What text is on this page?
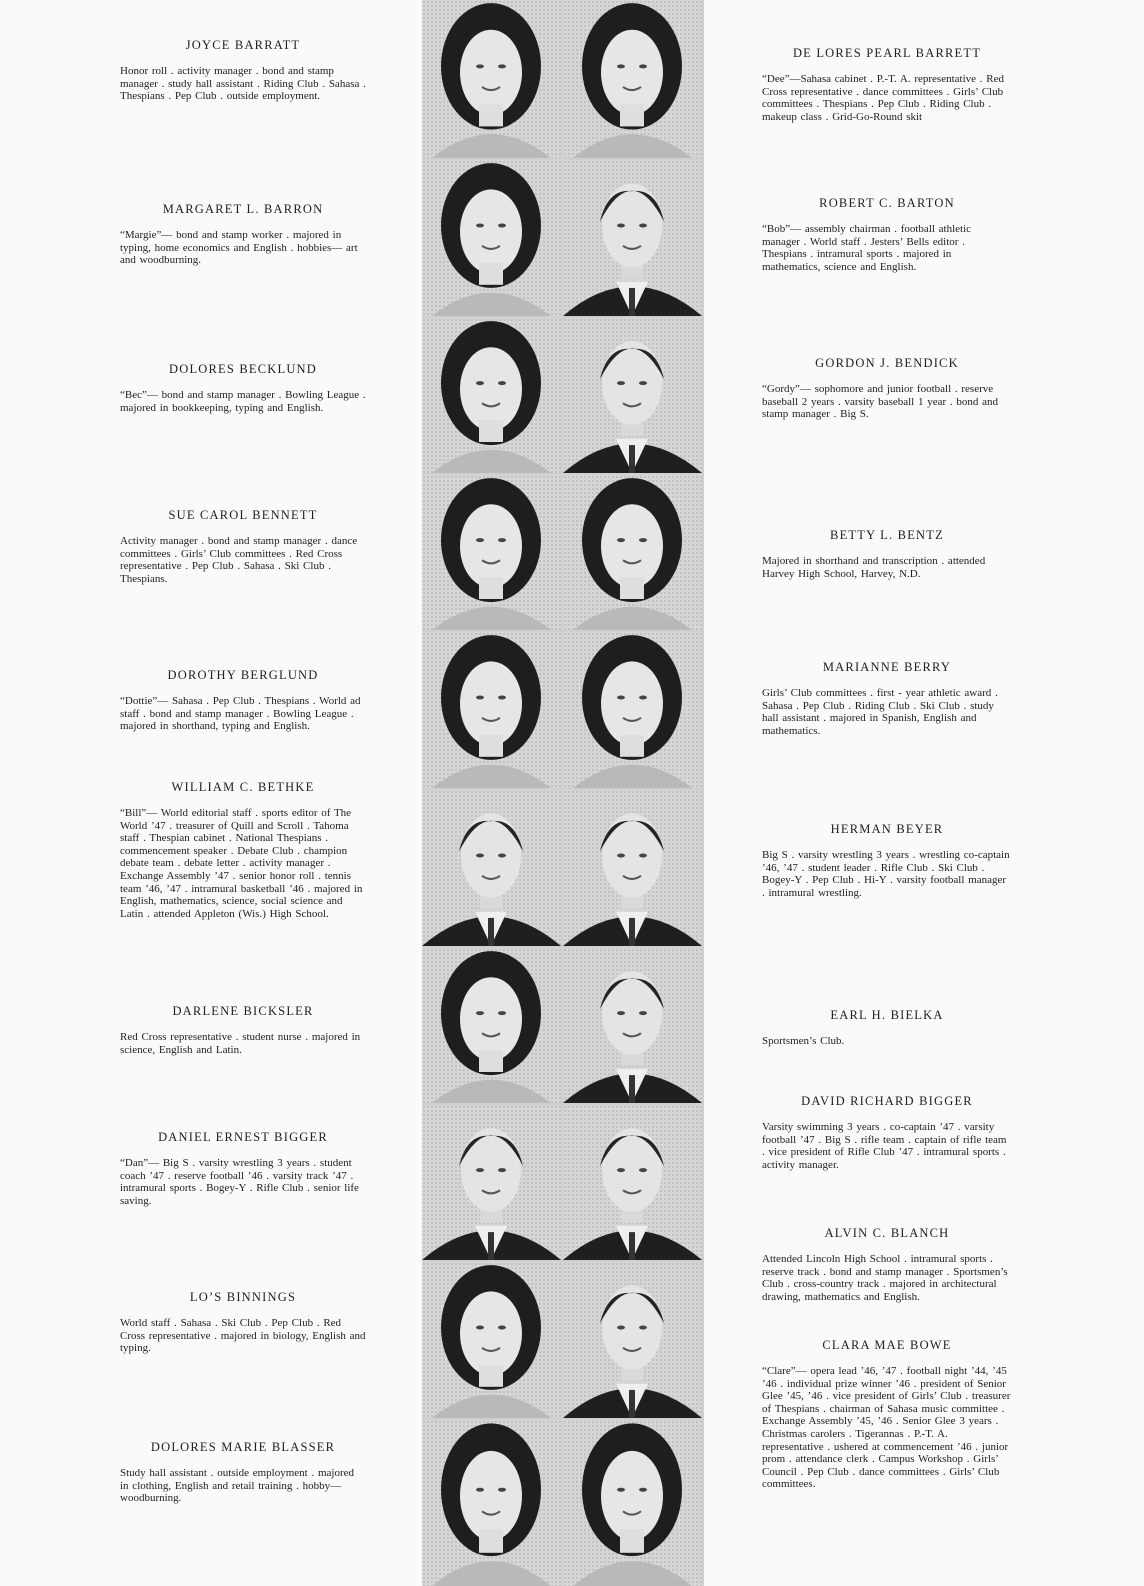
JOYCE BARRATT

Honor roll . activity manager . bond and stamp manager . study hall assistant . Riding Club . Sahasa . Thespians . Pep Club . outside employment.

MARGARET L. BARRON

“Margie”— bond and stamp worker . majored in typing, home economics and English . hobbies— art and woodburning.

DOLORES BECKLUND

“Bec”— bond and stamp manager . Bowling League . majored in bookkeeping, typing and English.

SUE CAROL BENNETT

Activity manager . bond and stamp manager . dance committees . Girls’ Club committees . Red Cross representative . Pep Club . Sahasa . Ski Club . Thespians.

DOROTHY BERGLUND

“Dottie”— Sahasa . Pep Club . Thespians . World ad staff . bond and stamp manager . Bowling League . majored in shorthand, typing and English.

WILLIAM C. BETHKE

“Bill”— World editorial staff . sports editor of The World ’47 . treasurer of Quill and Scroll . Tahoma staff . Thespian cabinet . National Thespians . commencement speaker . Debate Club . champion debate team . debate letter . activity manager . Exchange Assembly ’47 . senior honor roll . tennis team ’46, ’47 . intramural basketball ’46 . majored in English, mathematics, science, social science and Latin . attended Appleton (Wis.) High School.

DARLENE BICKSLER

Red Cross representative . student nurse . majored in science, English and Latin.

DANIEL ERNEST BIGGER

“Dan”— Big S . varsity wrestling 3 years . student coach ’47 . reserve football ’46 . varsity track ’47 . intramural sports . Bogey-Y . Rifle Club . senior life saving.

LO’S BINNINGS

World staff . Sahasa . Ski Club . Pep Club . Red Cross representative . majored in biology, English and typing.

DOLORES MARIE BLASSER

Study hall assistant . outside employment . majored in clothing, English and retail training . hobby— woodburning.

DE LORES PEARL BARRETT

“Dee”—Sahasa cabinet . P.-T. A. representative . Red Cross representative . dance committees . Girls’ Club committees . Thespians . Pep Club . Riding Club . makeup class . Grid-Go-Round skit

ROBERT C. BARTON

“Bob”— assembly chairman . football athletic manager . World staff . Jesters’ Bells editor . Thespians . intramural sports . majored in mathematics, science and English.

GORDON J. BENDICK

“Gordy”— sophomore and junior football . reserve baseball 2 years . varsity baseball 1 year . bond and stamp manager . Big S.

BETTY L. BENTZ

Majored in shorthand and transcription . attended Harvey High School, Harvey, N.D.

MARIANNE BERRY

Girls’ Club committees . first - year athletic award . Sahasa . Pep Club . Riding Club . Ski Club . study hall assistant . majored in Spanish, English and mathematics.

HERMAN BEYER

Big S . varsity wrestling 3 years . wrestling co-captain ’46, ’47 . student leader . Rifle Club . Ski Club . Bogey-Y . Pep Club . Hi-Y . varsity football manager . intramural wrestling.

EARL H. BIELKA

Sportsmen’s Club.

DAVID RICHARD BIGGER

Varsity swimming 3 years . co-captain ’47 . varsity football ’47 . Big S . rifle team . captain of rifle team . vice president of Rifle Club ’47 . intramural sports . activity manager.

ALVIN C. BLANCH

Attended Lincoln High School . intramural sports . reserve track . bond and stamp manager . Sportsmen’s Club . cross-country track . majored in architectural drawing, mathematics and English.

CLARA MAE BOWE

“Clare”— opera lead ’46, ’47 . football night ’44, ’45 ’46 . individual prize winner ’46 . president of Senior Glee ’45, ’46 . vice president of Girls’ Club . treasurer of Thespians . chairman of Sahasa music committee . Exchange Assembly ’45, ’46 . Senior Glee 3 years . Christmas carolers . Tigerannas . P.-T. A. representative . ushered at commencement ’46 . junior prom . attendance clerk . Campus Workshop . Girls’ Council . Pep Club . dance committees . Girls’ Club committees.
